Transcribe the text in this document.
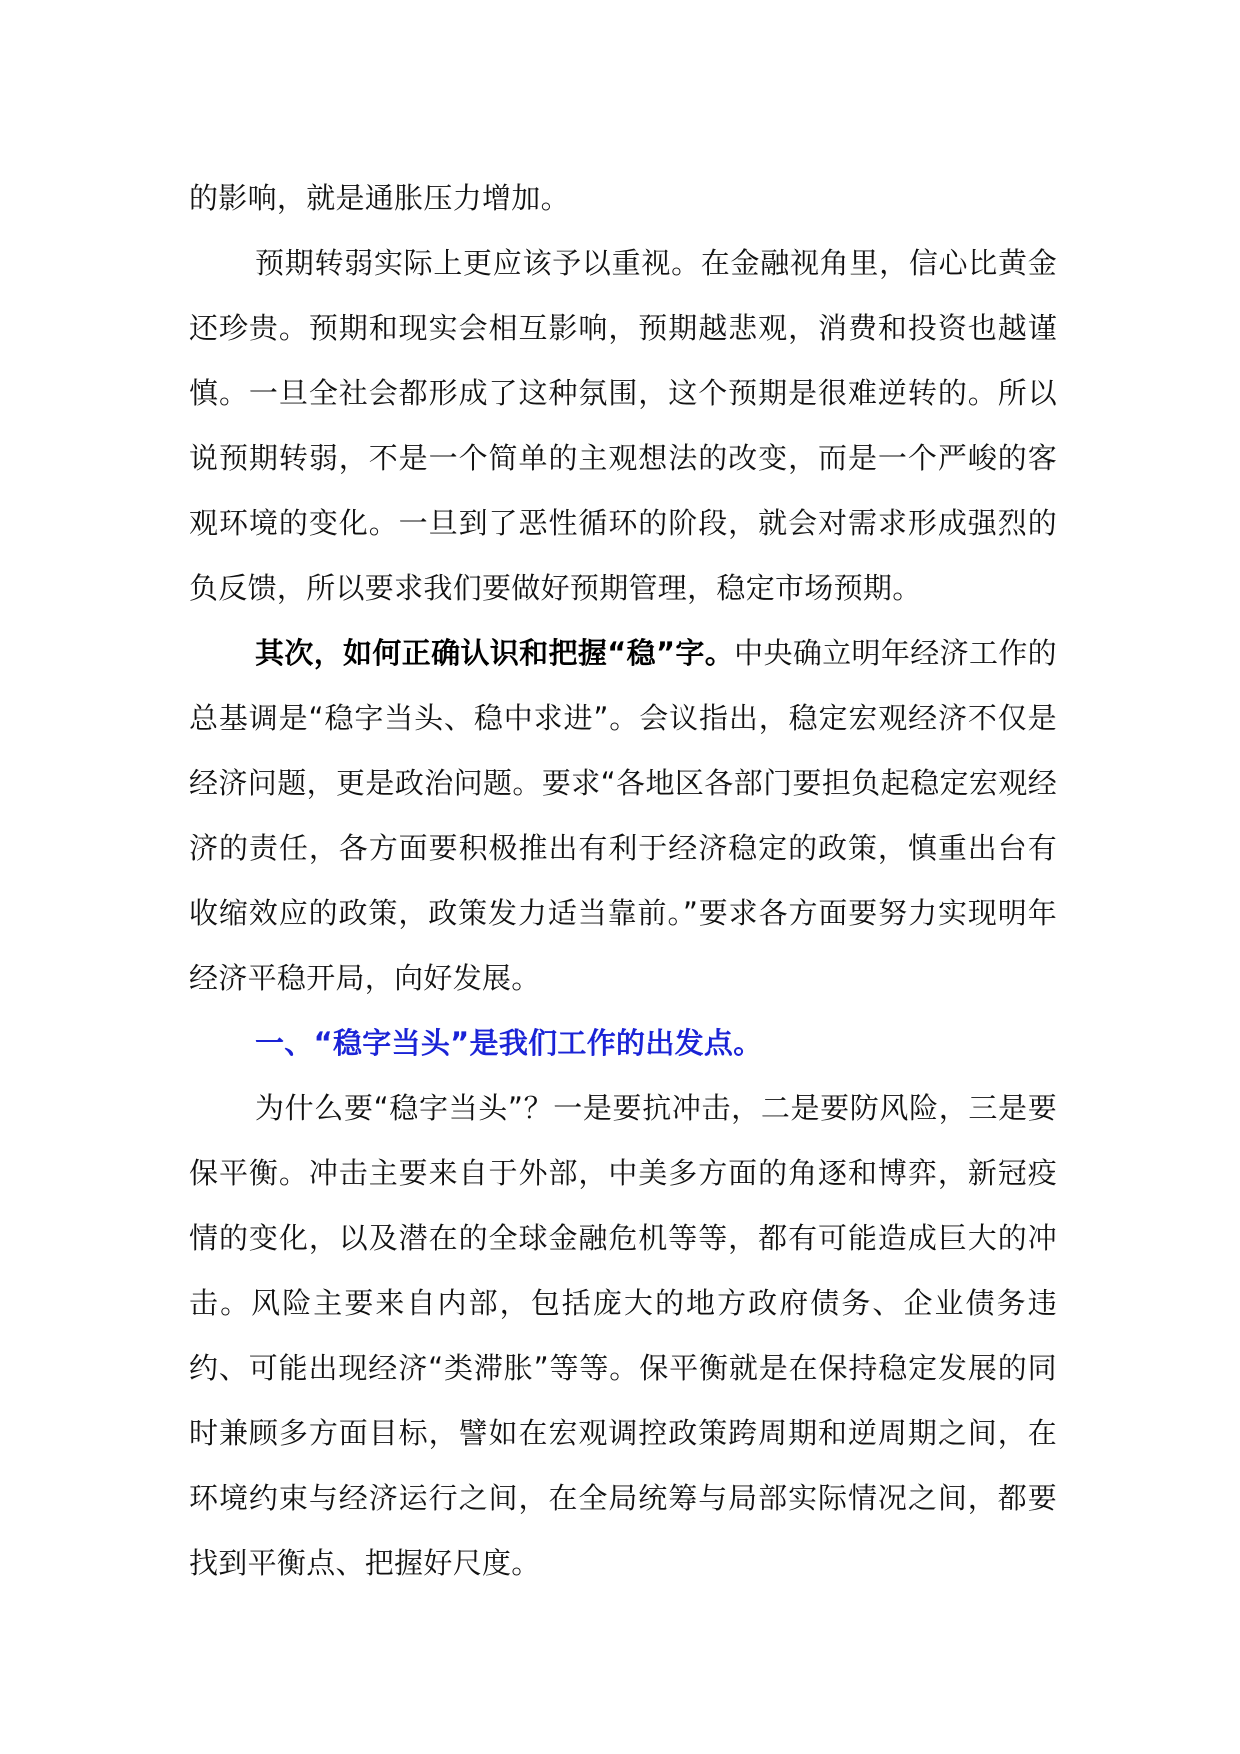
的影响，就是通胀压力增加。

预期转弱实际上更应该予以重视。在金融视角里，信心比黄金还珍贵。预期和现实会相互影响，预期越悲观，消费和投资也越谨慎。一旦全社会都形成了这种氛围，这个预期是很难逆转的。所以说预期转弱，不是一个简单的主观想法的改变，而是一个严峻的客观环境的变化。一旦到了恶性循环的阶段，就会对需求形成强烈的负反馈，所以要求我们要做好预期管理，稳定市场预期。

其次，如何正确认识和把握“稳”字。中央确立明年经济工作的总基调是“稳字当头、稳中求进”。会议指出，稳定宏观经济不仅是经济问题，更是政治问题。要求“各地区各部门要担负起稳定宏观经济的责任，各方面要积极推出有利于经济稳定的政策，慎重出台有收缩效应的政策，政策发力适当靠前。”要求各方面要努力实现明年经济平稳开局，向好发展。

一、“稳字当头”是我们工作的出发点。

为什么要“稳字当头”？一是要抗冲击，二是要防风险，三是要保平衡。冲击主要来自于外部，中美多方面的角逐和博弈，新冠疫情的变化，以及潜在的全球金融危机等等，都有可能造成巨大的冲击。风险主要来自内部，包括庞大的地方政府债务、企业债务违约、可能出现经济“类滞胀”等等。保平衡就是在保持稳定发展的同时兼顾多方面目标，譬如在宏观调控政策跨周期和逆周期之间，在环境约束与经济运行之间，在全局统筹与局部实际情况之间，都要找到平衡点、把握好尺度。
